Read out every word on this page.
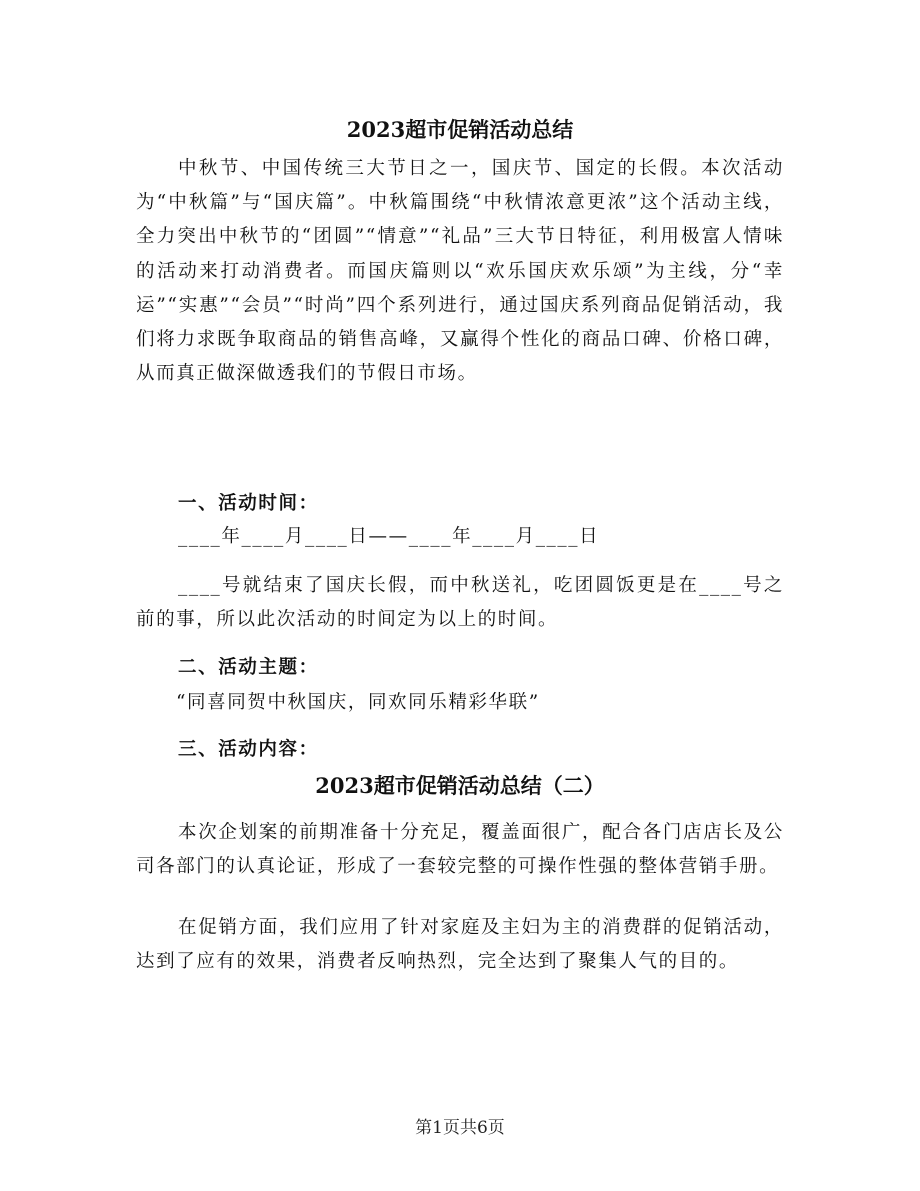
2023超市促销活动总结
中秋节、中国传统三大节日之一，国庆节、国定的长假。本次活动为“中秋篇”与“国庆篇”。中秋篇围绕“中秋情浓意更浓”这个活动主线，全力突出中秋节的“团圆”“情意”“礼品”三大节日特征，利用极富人情味的活动来打动消费者。而国庆篇则以“欢乐国庆欢乐颂”为主线，分“幸运”“实惠”“会员”“时尚”四个系列进行，通过国庆系列商品促销活动，我们将力求既争取商品的销售高峰，又赢得个性化的商品口碑、价格口碑，从而真正做深做透我们的节假日市场。
一、活动时间：
____年____月____日——____年____月____日
____号就结束了国庆长假，而中秋送礼，吃团圆饭更是在____号之前的事，所以此次活动的时间定为以上的时间。
二、活动主题：
“同喜同贺中秋国庆，同欢同乐精彩华联”
三、活动内容：
2023超市促销活动总结（二）
本次企划案的前期准备十分充足，覆盖面很广，配合各门店店长及公司各部门的认真论证，形成了一套较完整的可操作性强的整体营销手册。
在促销方面，我们应用了针对家庭及主妇为主的消费群的促销活动，达到了应有的效果，消费者反响热烈，完全达到了聚集人气的目的。
第1页共6页
